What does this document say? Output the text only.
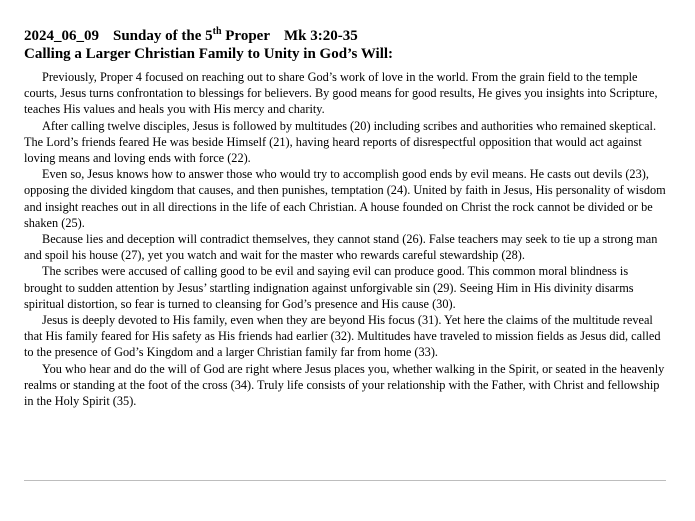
2024_06_09 Sunday of the 5th Proper Mk 3:20-35
Calling a Larger Christian Family to Unity in God’s Will:

Previously, Proper 4 focused on reaching out to share God’s work of love in the world. From the grain field to the temple courts, Jesus turns confrontation to blessings for believers. By good means for good results, He gives you insights into Scripture, teaches His values and heals you with His mercy and charity.

After calling twelve disciples, Jesus is followed by multitudes (20) including scribes and authorities who remained skeptical. The Lord’s friends feared He was beside Himself (21), having heard reports of disrespectful opposition that would act against loving means and loving ends with force (22).

Even so, Jesus knows how to answer those who would try to accomplish good ends by evil means. He casts out devils (23), opposing the divided kingdom that causes, and then punishes, temptation (24). United by faith in Jesus, His personality of wisdom and insight reaches out in all directions in the life of each Christian. A house founded on Christ the rock cannot be divided or be shaken (25).

Because lies and deception will contradict themselves, they cannot stand (26). False teachers may seek to tie up a strong man and spoil his house (27), yet you watch and wait for the master who rewards careful stewardship (28).

The scribes were accused of calling good to be evil and saying evil can produce good. This common moral blindness is brought to sudden attention by Jesus’ startling indignation against unforgivable sin (29). Seeing Him in His divinity disarms spiritual distortion, so fear is turned to cleansing for God’s presence and His cause (30).

Jesus is deeply devoted to His family, even when they are beyond His focus (31). Yet here the claims of the multitude reveal that His family feared for His safety as His friends had earlier (32). Multitudes have traveled to mission fields as Jesus did, called to the presence of God’s Kingdom and a larger Christian family far from home (33).

You who hear and do the will of God are right where Jesus places you, whether walking in the Spirit, or seated in the heavenly realms or standing at the foot of the cross (34). Truly life consists of your relationship with the Father, with Christ and fellowship in the Holy Spirit (35).
